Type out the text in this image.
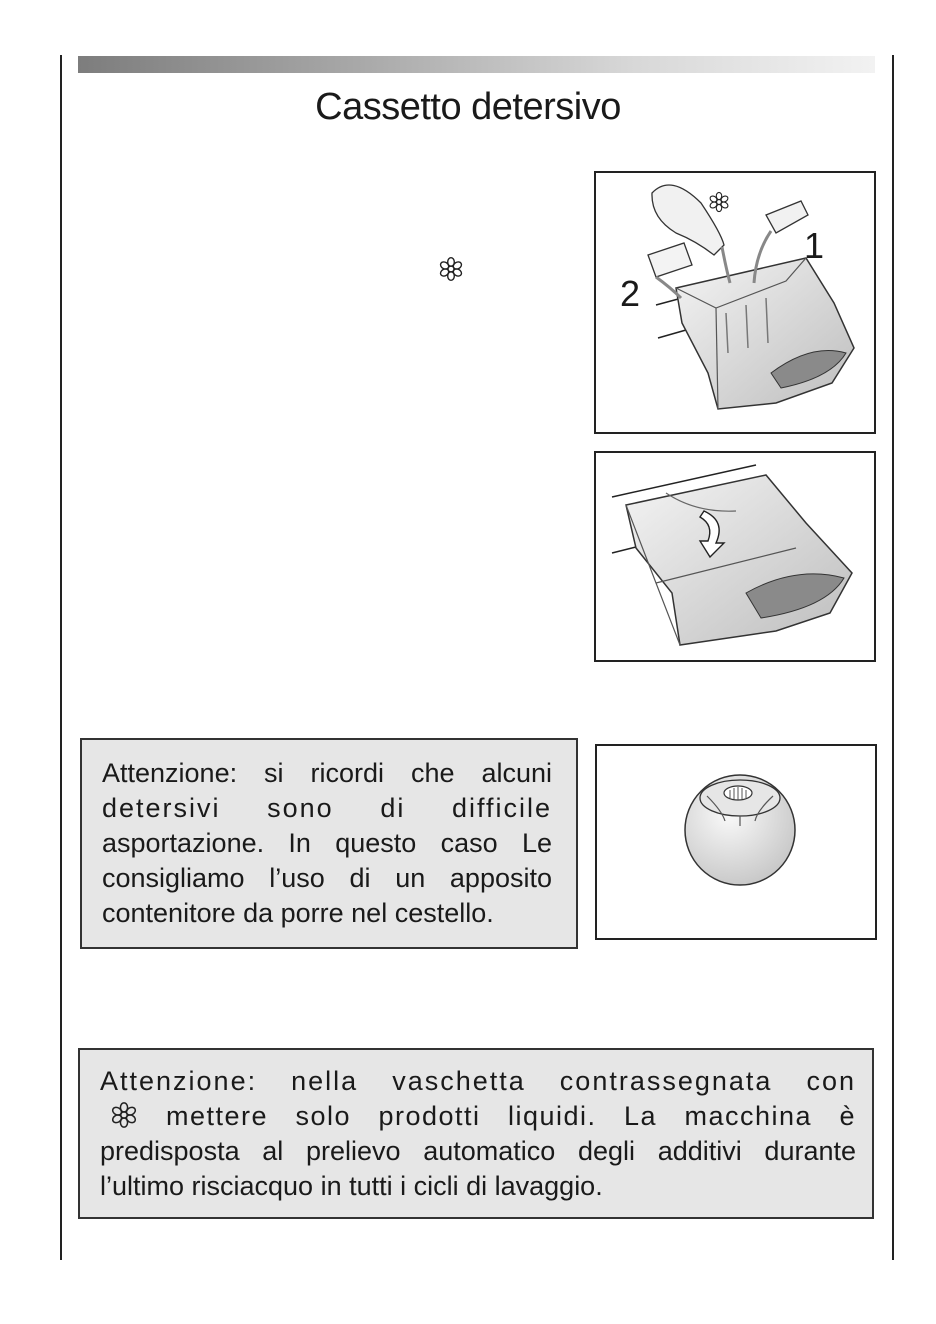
Cassetto detersivo
1
2

Attenzione: si ricordi che alcuni

detersivi sono di difficile

asportazione. In questo caso Le

consigliamo l’uso di un apposito

contenitore da porre nel cestello.

Attenzione: nella vaschetta contrassegnata con

mettere solo prodotti liquidi. La macchina è

predisposta al prelievo automatico degli additivi durante

l’ultimo risciacquo in tutti i cicli di lavaggio.
